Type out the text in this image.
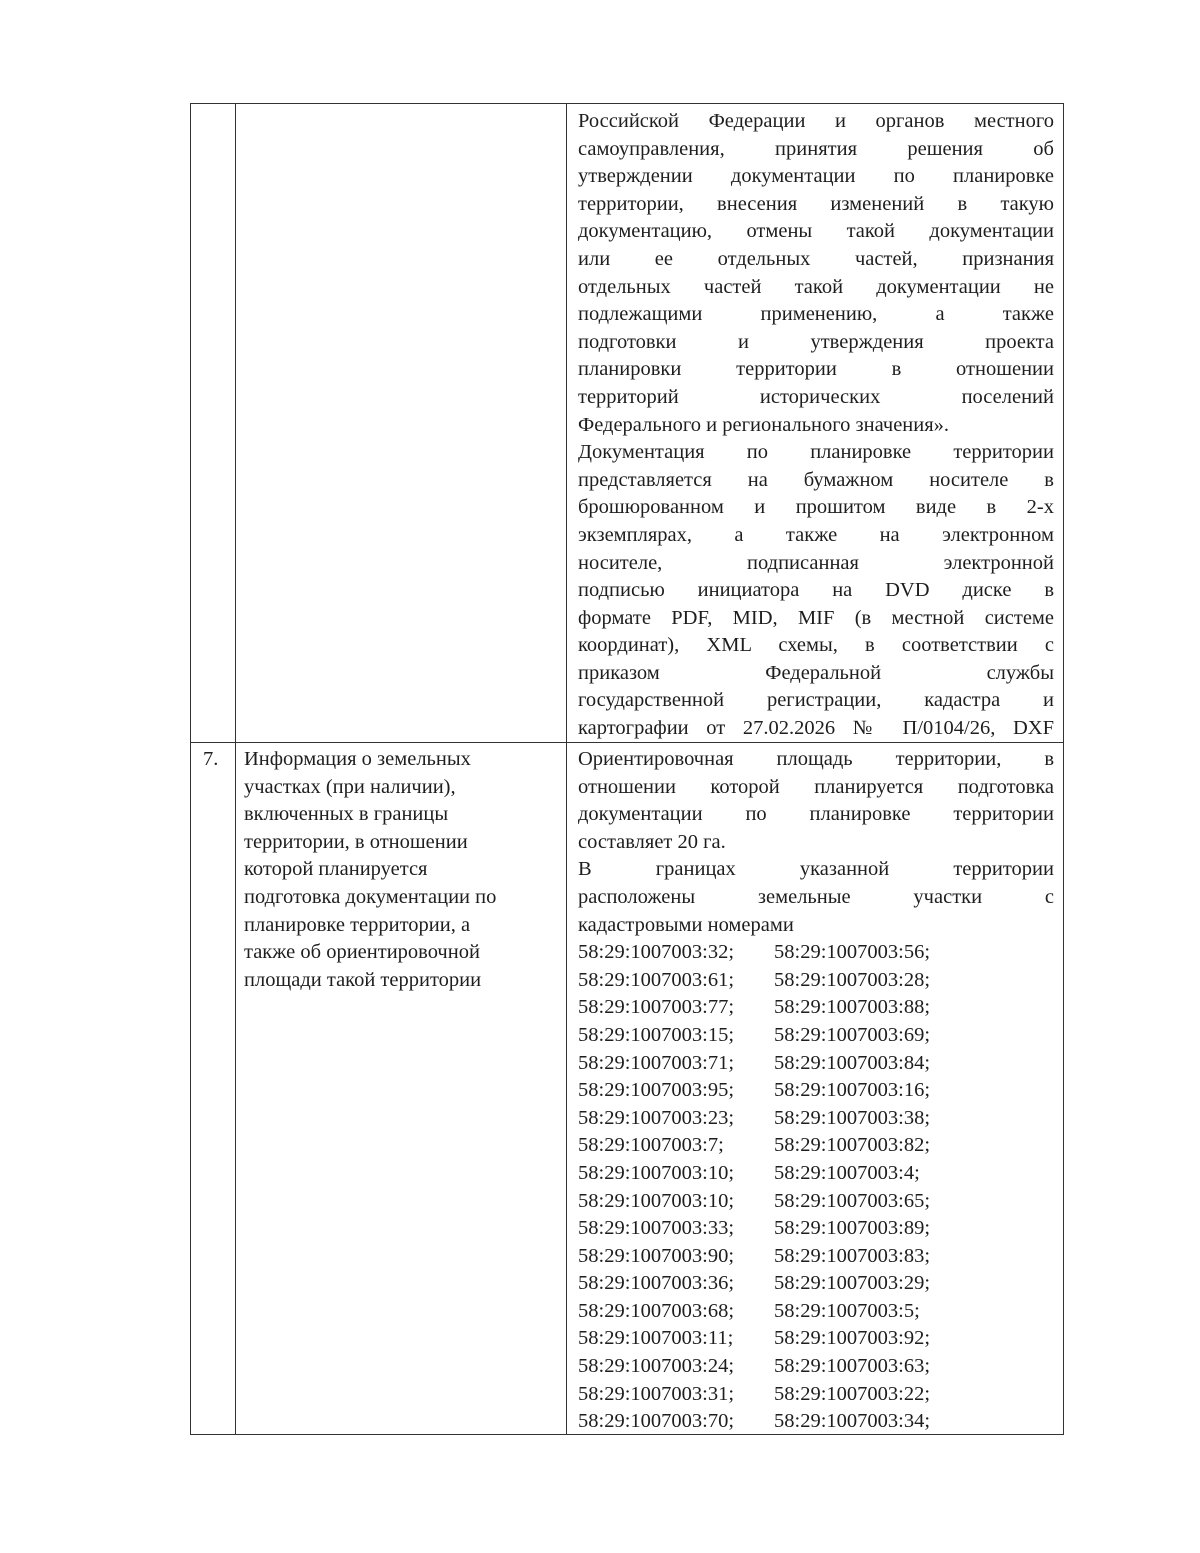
Российской Федерации и органов местного
самоуправления, принятия решения об
утверждении документации по планировке
территории, внесения изменений в такую
документацию, отмены такой документации
или ее отдельных частей, признания
отдельных частей такой документации не
подлежащими применению, а также
подготовки и утверждения проекта
планировки территории в отношении
территорий исторических поселений
Федерального и регионального значения».
Документация по планировке территории
представляется на бумажном носителе в
брошюрованном и прошитом виде в 2-х
экземплярах, а также на электронном
носителе, подписанная электронной
подписью инициатора на DVD диске в
формате PDF, MID, MIF (в местной системе
координат), XML схемы, в соответствии с
приказом Федеральной службы
государственной регистрации, кадастра и
картографии от 27.02.2026 № П/0104/26, DXF
7. Информация о земельных
участках (при наличии),
включенных в границы
территории, в отношении
которой планируется
подготовка документации по
планировке территории, а
также об ориентировочной
площади такой территории
Ориентировочная площадь территории, в
отношении которой планируется подготовка
документации по планировке территории
составляет 20 га.
В границах указанной территории
расположены земельные участки с
кадастровыми номерами
58:29:1007003:32; 58:29:1007003:56;
58:29:1007003:61; 58:29:1007003:28;
58:29:1007003:77; 58:29:1007003:88;
58:29:1007003:15; 58:29:1007003:69;
58:29:1007003:71; 58:29:1007003:84;
58:29:1007003:95; 58:29:1007003:16;
58:29:1007003:23; 58:29:1007003:38;
58:29:1007003:7; 58:29:1007003:82;
58:29:1007003:10; 58:29:1007003:4;
58:29:1007003:10; 58:29:1007003:65;
58:29:1007003:33; 58:29:1007003:89;
58:29:1007003:90; 58:29:1007003:83;
58:29:1007003:36; 58:29:1007003:29;
58:29:1007003:68; 58:29:1007003:5;
58:29:1007003:11; 58:29:1007003:92;
58:29:1007003:24; 58:29:1007003:63;
58:29:1007003:31; 58:29:1007003:22;
58:29:1007003:70; 58:29:1007003:34;
